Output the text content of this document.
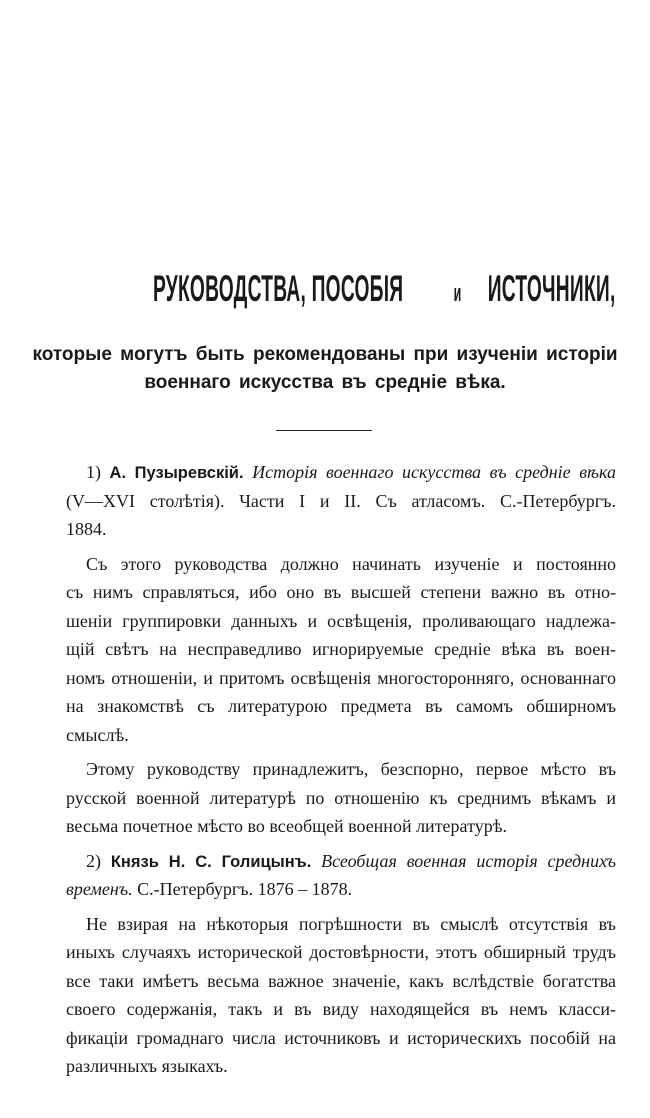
РУКОВОДСТВА, ПОСОБІЯиИСТОЧНИКИ,
которые могутъ быть рекомендованы при изученіи исторіи
военнаго искусства въ средніе вѣка.
1) А. Пузыревскій. Исторія военнаго искусства въ средніе вѣка
(V—XVI столѣтія). Части I и II. Съ атласомъ. С.-Петербургъ.
1884.
Съ этого руководства должно начинать изученіе и постоянно
съ нимъ справляться, ибо оно въ высшей степени важно въ отно-
шеніи группировки данныхъ и освѣщенія, проливающаго надлежа-
щій свѣтъ на несправедливо игнорируемые средніе вѣка въ воен-
номъ отношеніи, и притомъ освѣщенія многосторонняго, основаннаго
на знакомствѣ съ литературою предмета въ самомъ обширномъ
смыслѣ.
Этому руководству принадлежитъ, безспорно, первое мѣсто въ
русской военной литературѣ по отношенію къ среднимъ вѣкамъ и
весьма почетное мѣсто во всеобщей военной литературѣ.
2) Князь Н. С. Голицынъ. Всеобщая военная исторія среднихъ
временъ. С.-Петербургъ. 1876 – 1878.
Не взирая на нѣкоторыя погрѣшности въ смыслѣ отсутствія въ
иныхъ случаяхъ исторической достовѣрности, этотъ обширный трудъ
все таки имѣетъ весьма важное значеніе, какъ вслѣдствіе богатства
своего содержанія, такъ и въ виду находящейся въ немъ класси-
фикаціи громаднаго числа источниковъ и историческихъ пособій на
различныхъ языкахъ.
